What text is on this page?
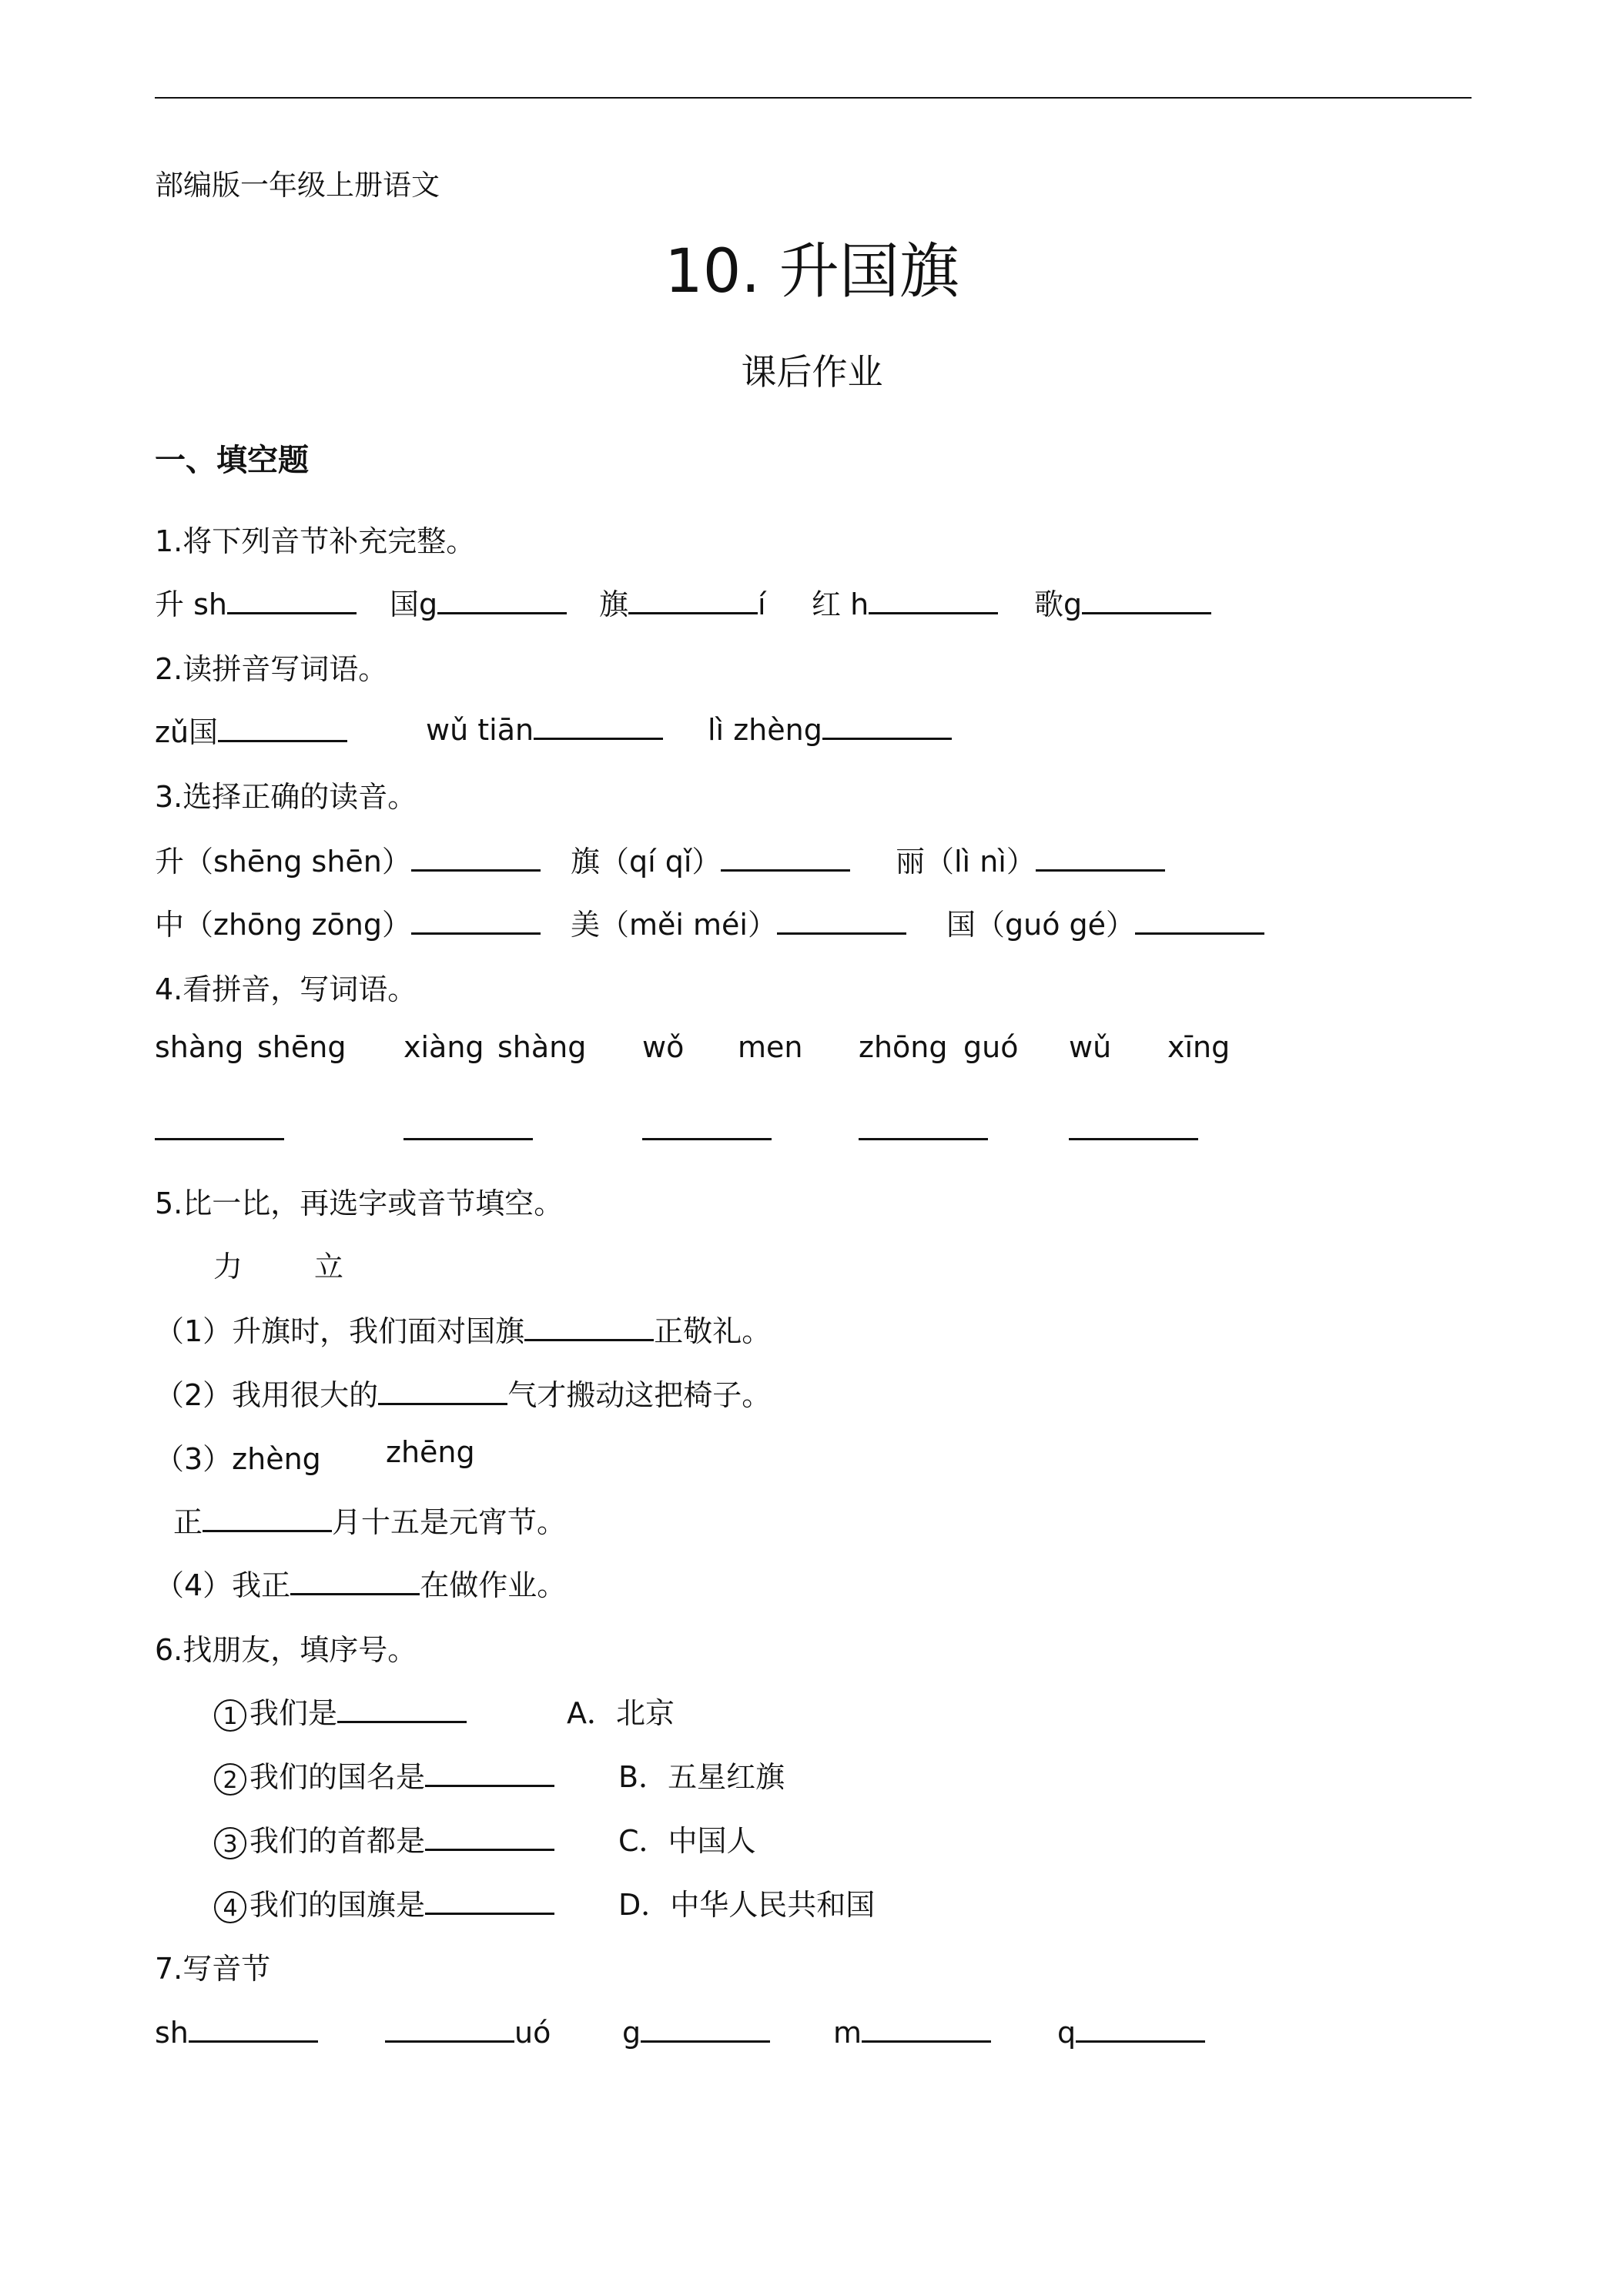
部编版一年级上册语文
10. 升国旗
课后作业
一、填空题
1.将下列音节补充完整。
升 sh	国g	旗	í 红 h	歌g
2.读拼音写词语。
zǔ国	wǔ tiān	lì zhèng
3.选择正确的读音。
升（shēng shēn）	旗（qí qǐ）	丽（lì nì）
中（zhōng zōng）	美（měi méi）	国（guó gé）
4.看拼音，写词语。
shàng shēng xiàng shàng wǒ men zhōng guó wǔ xīng
5.比一比，再选字或音节填空。
力 立
（1）升旗时，我们面对国旗	正敬礼。
（2）我用很大的	气才搬动这把椅子。
（3）zhèng zhēng
正	月十五是元宵节。
（4）我正	在做作业。
6.找朋友，填序号。
1 我们是	A．北京
2 我们的国名是	B．五星红旗
3 我们的首都是	C．中国人
4 我们的国旗是	D．中华人民共和国
7.写音节
sh	uó g	m	q
